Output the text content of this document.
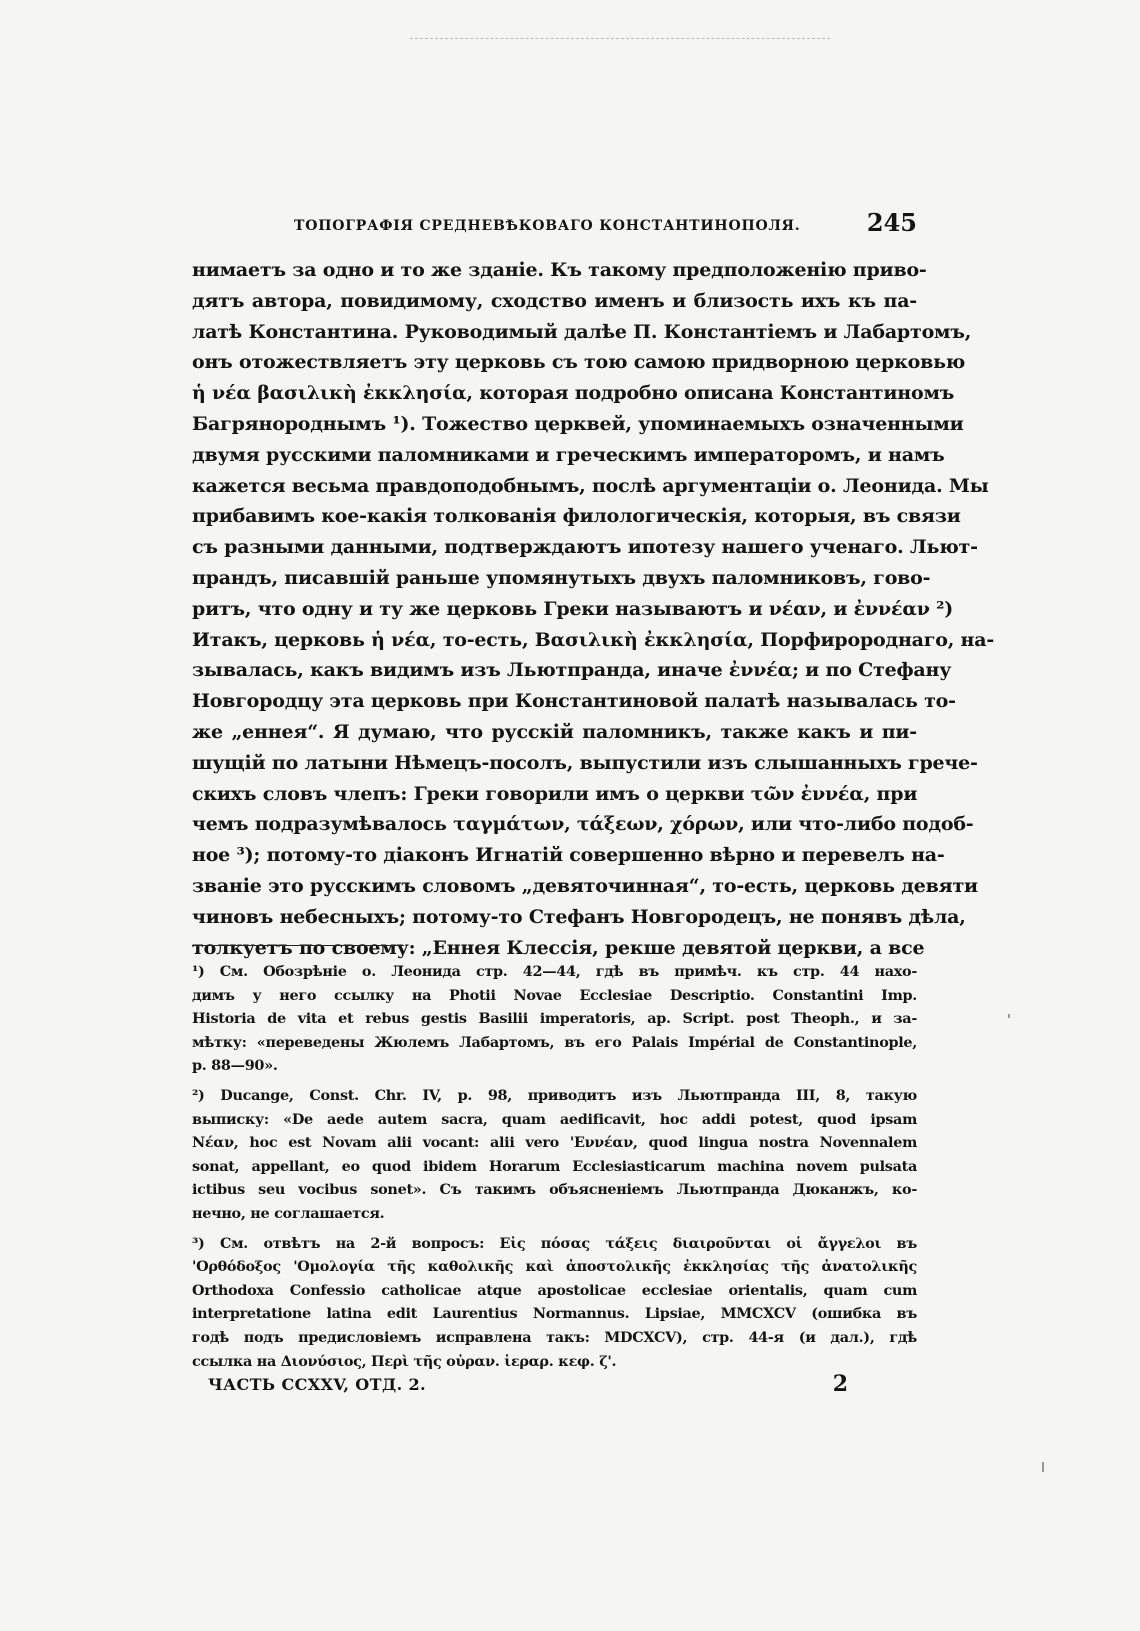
ТОПОГРАФІЯ СРЕДНЕВѢКОВАГО КОНСТАНТИНОПОЛЯ.	245
нимаетъ за одно и то же зданіе. Къ такому предположенію приво-
дятъ автора, повидимому, сходство именъ и близость ихъ къ па-
латѣ Константина. Руководимый далѣе П. Константіемъ и Лабартомъ,
онъ отожествляетъ эту церковь съ тою самою придворною церковью
ἡ νέα βασιλικὴ ἐκκλησία, которая подробно описана Константиномъ
Багрянороднымъ ¹). Тожество церквей, упоминаемыхъ означенными
двумя русскими паломниками и греческимъ императоромъ, и намъ
кажется весьма правдоподобнымъ, послѣ аргументаціи о. Леонида. Мы
прибавимъ кое-какія толкованія филологическія, которыя, въ связи
съ разными данными, подтверждаютъ ипотезу нашего ученаго. Льют-
прандъ, писавшій раньше упомянутыхъ двухъ паломниковъ, гово-
ритъ, что одну и ту же церковь Греки называютъ и νέαν, и ἐννέαν ²)
Итакъ, церковь ἡ νέα, то-есть, Βασιλικὴ ἐκκλησία, Порфиророднаго, на-
зывалась, какъ видимъ изъ Льютпранда, иначе ἐννέα; и по Стефану
Новгородцу эта церковь при Константиновой палатѣ называлась то-
же „еннея“. Я думаю, что русскій паломникъ, также какъ и пи-
шущій по латыни Нѣмецъ-посолъ, выпустили изъ слышанныхъ грече-
скихъ словъ члепъ: Греки говорили имъ о церкви τῶν ἐννέα, при
чемъ подразумѣвалось ταγμάτων, τάξεων, χόρων, или что-либо подоб-
ное ³); потому-то діаконъ Игнатій совершенно вѣрно и перевелъ на-
званіе это русскимъ словомъ „девяточинная“, то-есть, церковь девяти
чиновъ небесныхъ; потому-то Стефанъ Новгородецъ, не понявъ дѣла,
толкуетъ по своему: „Еннея Клессія, рекше девятой церкви, а все
¹) См. Обозрѣніе о. Леонида стр. 42—44, гдѣ въ примѣч. къ стр. 44 нахо-
димъ у него ссылку на Photii Novae Ecclesiae Descriptio. Constantini Imp.
Historia de vita et rebus gestis Basilii imperatoris, ap. Script. post Theoph., и за-
мѣтку: «переведены Жюлемъ Лабартомъ, въ его Palais Impérial de Constantinople,
p. 88—90».
²) Ducange, Const. Chr. IV, p. 98, приводитъ изъ Льютпранда III, 8, такую
выписку: «De aede autem sacra, quam aedificavit, hoc addi potest, quod ipsam
Νέαν, hoc est Novam alii vocant: alii vero 'Εννέαν, quod lingua nostra Novennalem
sonat, appellant, eo quod ibidem Horarum Ecclesiasticarum machina novem pulsata
ictibus seu vocibus sonet». Съ такимъ объясненіемъ Льютпранда Дюканжъ, ко-
нечно, не соглашается.
³) См. отвѣтъ на 2-й вопросъ: Εἰς πόσας τάξεις διαιροῦνται οἱ ἄγγελοι въ
'Ορθόδοξος 'Ομολογία τῆς καθολικῆς καὶ ἀποστολικῆς ἐκκλησίας τῆς ἀνατολικῆς
Orthodoxa Confessio catholicae atque apostolicae ecclesiae orientalis, quam cum
interpretatione latina edit Laurentius Normannus. Lipsiae, MMCXCV (ошибка въ
годѣ подъ предисловіемъ исправлена такъ: MDCXCV), стр. 44-я (и дал.), гдѣ
ссылка на Διονύσιος, Περὶ τῆς οὐραν. ἱεραρ. κεφ. ζ'.
ЧАСТЬ СCXXV, ОТД. 2.	2
